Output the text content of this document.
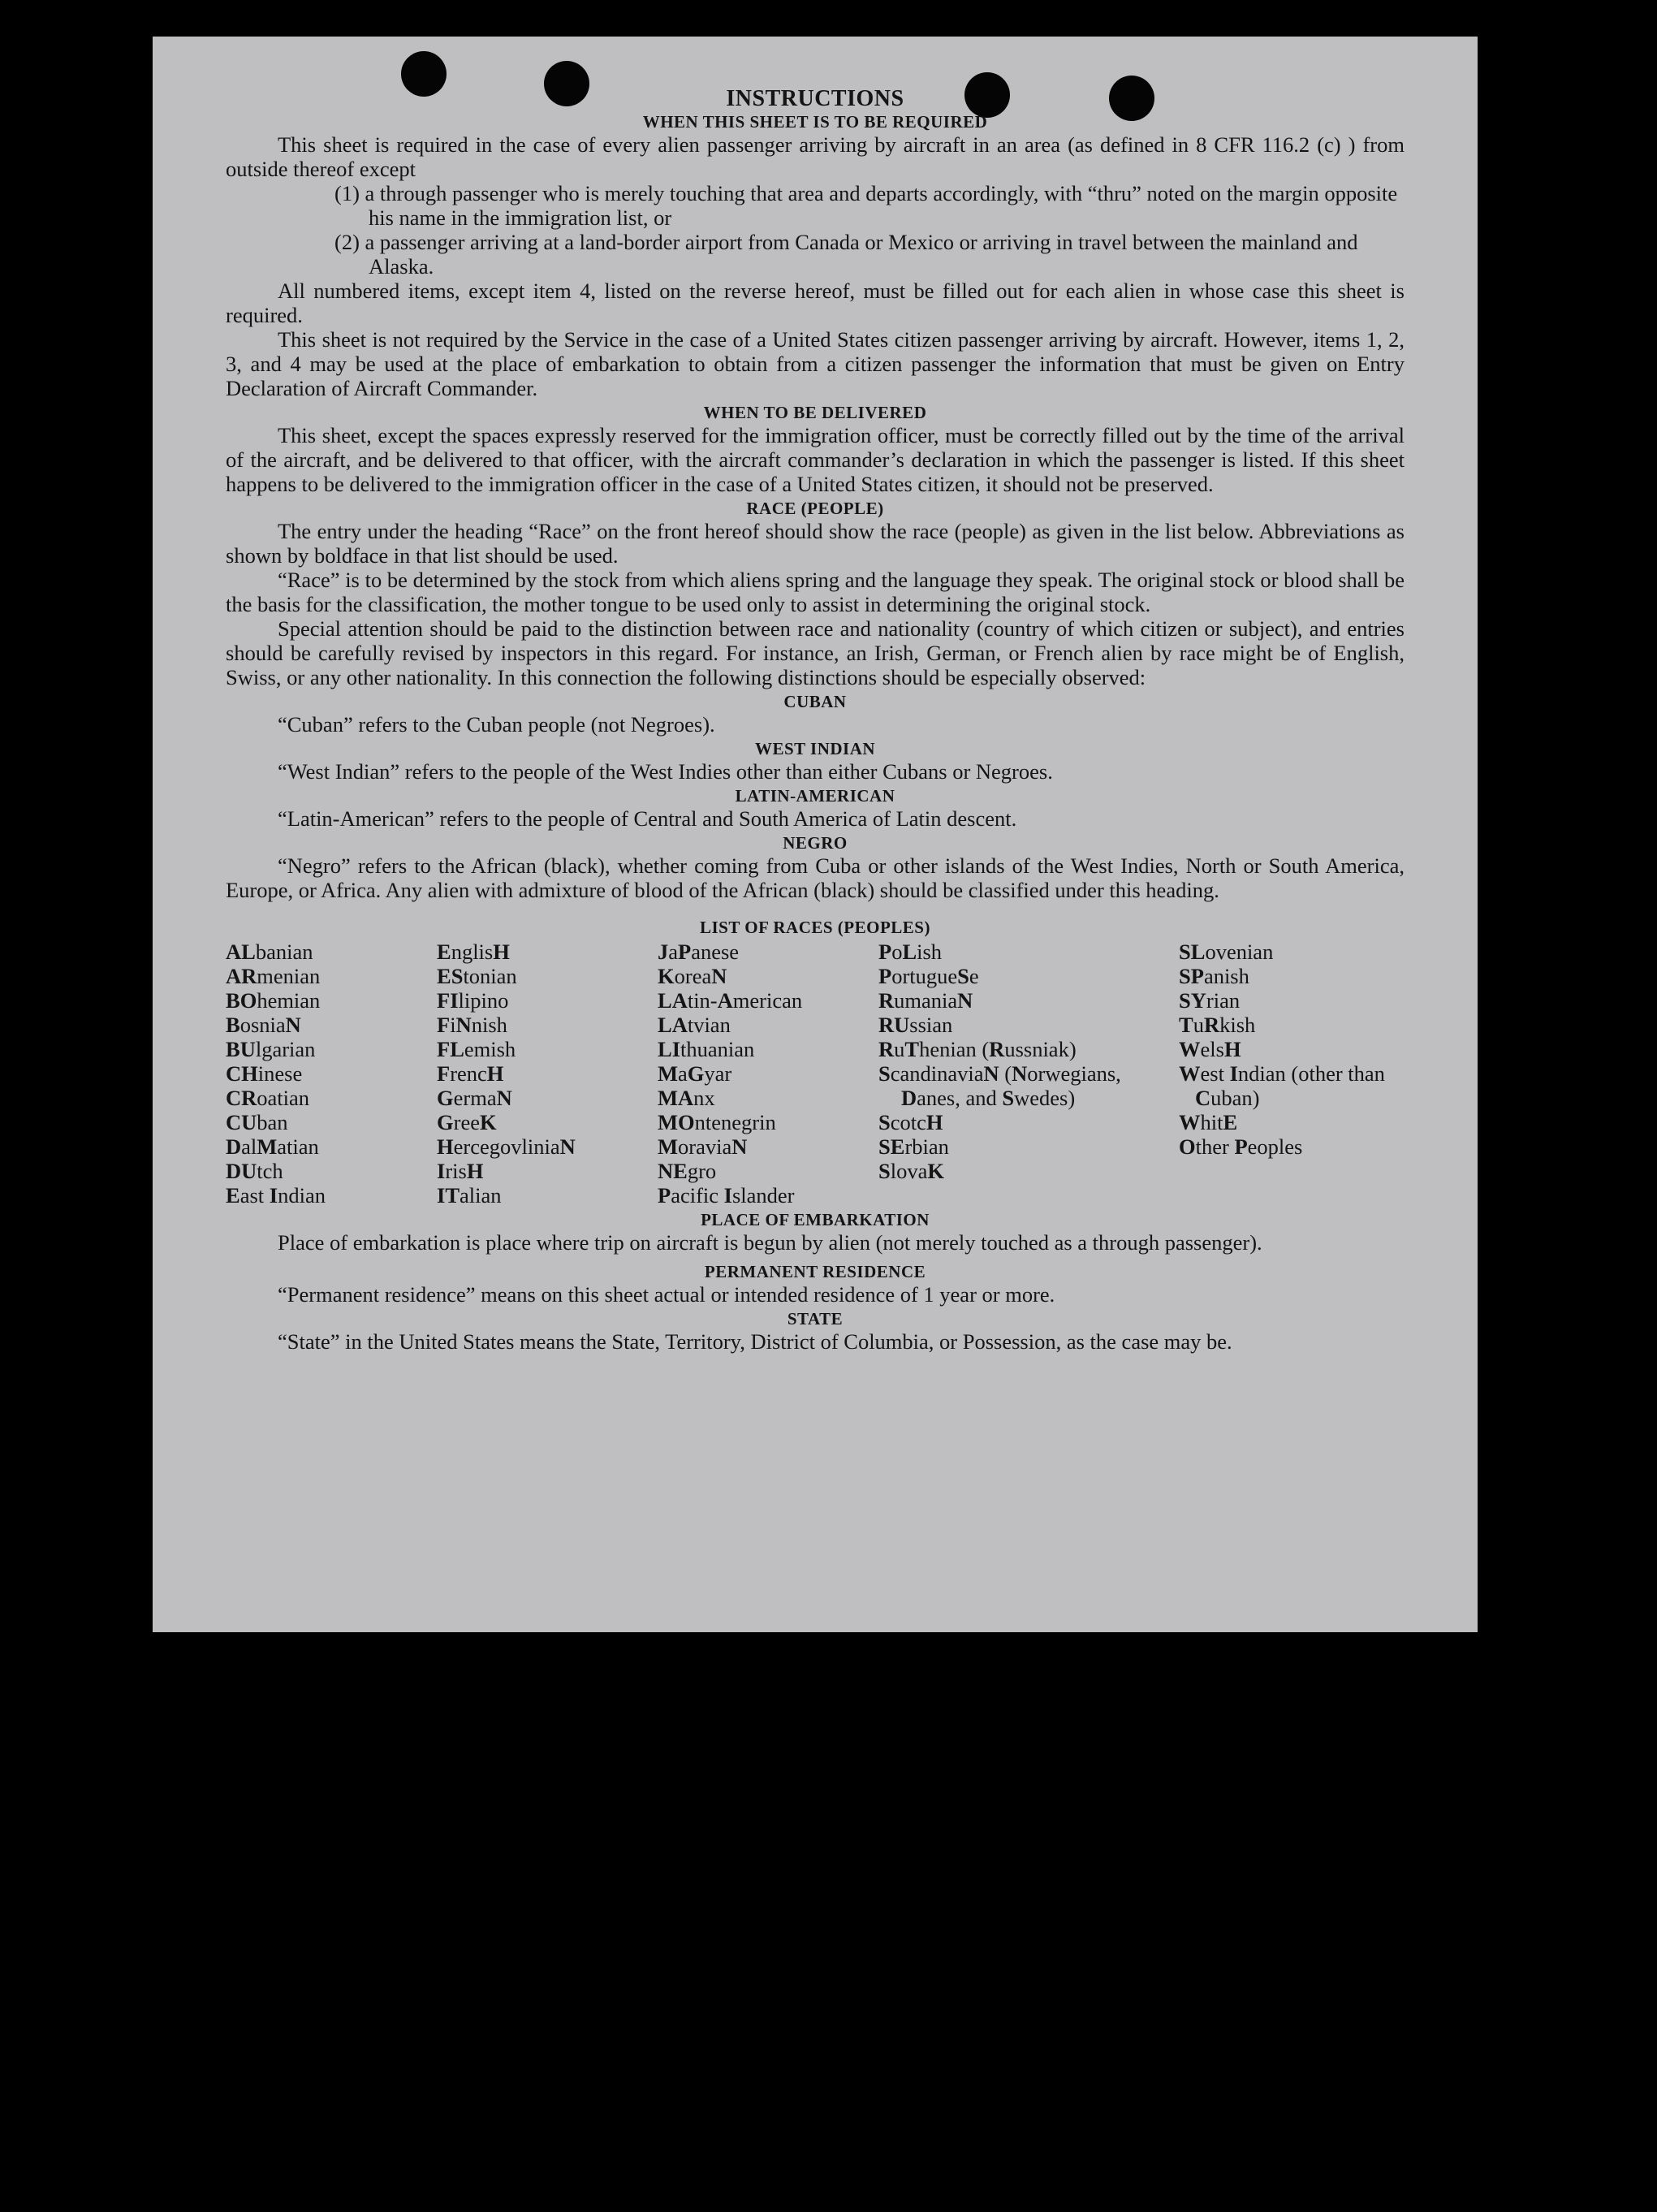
INSTRUCTIONS
WHEN THIS SHEET IS TO BE REQUIRED

This sheet is required in the case of every alien passenger arriving by aircraft in an area (as defined in 8 CFR 116.2 (c) ) from outside thereof except

(1) a through passenger who is merely touching that area and departs accordingly, with “thru” noted on the margin opposite his name in the immigration list, or
(2) a passenger arriving at a land-border airport from Canada or Mexico or arriving in travel between the mainland and Alaska.

All numbered items, except item 4, listed on the reverse hereof, must be filled out for each alien in whose case this sheet is required.

This sheet is not required by the Service in the case of a United States citizen passenger arriving by aircraft. However, items 1, 2, 3, and 4 may be used at the place of embarkation to obtain from a citizen passenger the information that must be given on Entry Declaration of Aircraft Commander.

WHEN TO BE DELIVERED

This sheet, except the spaces expressly reserved for the immigration officer, must be correctly filled out by the time of the arrival of the aircraft, and be delivered to that officer, with the aircraft commander’s declaration in which the passenger is listed. If this sheet happens to be delivered to the immigration officer in the case of a United States citizen, it should not be preserved.

RACE (PEOPLE)

The entry under the heading “Race” on the front hereof should show the race (people) as given in the list below. Abbreviations as shown by boldface in that list should be used.

“Race” is to be determined by the stock from which aliens spring and the language they speak. The original stock or blood shall be the basis for the classification, the mother tongue to be used only to assist in determining the original stock.

Special attention should be paid to the distinction between race and nationality (country of which citizen or subject), and entries should be carefully revised by inspectors in this regard. For instance, an Irish, German, or French alien by race might be of English, Swiss, or any other nationality. In this connection the following distinctions should be especially observed:

CUBAN

“Cuban” refers to the Cuban people (not Negroes).

WEST INDIAN

“West Indian” refers to the people of the West Indies other than either Cubans or Negroes.

LATIN-AMERICAN

“Latin-American” refers to the people of Central and South America of Latin descent.

NEGRO

“Negro” refers to the African (black), whether coming from Cuba or other islands of the West Indies, North or South America, Europe, or Africa. Any alien with admixture of blood of the African (black) should be classified under this heading.

LIST OF RACES (PEOPLES)
ALbanian
ARmenian
BOhemian
BosniaN
BUlgarian
CHinese
CRoatian
CUban
DalMatian
DUtch
East Indian
EnglisH
EStonian
FIlipino
FiNnish
FLemish
FrencH
GermaN
GreeK
HercegovliniaN
IrisH
ITalian
JaPanese
KoreaN
LAtin-American
LAtvian
LIthuanian
MaGyar
MAnx
MOntenegrin
MoraviaN
NEgro
Pacific Islander
PoLish
PortugueSe
RumaniaN
RUssian
RuThenian (Russniak)
ScandinaviaN (Norwegians, Danes, and Swedes)
ScotcH
SErbian
SlovaK
SLovenian
SPanish
SYrian
TuRkish
WelsH
West Indian (other than Cuban)
WhitE
Other Peoples
PLACE OF EMBARKATION

Place of embarkation is place where trip on aircraft is begun by alien (not merely touched as a through passenger).

PERMANENT RESIDENCE

“Permanent residence” means on this sheet actual or intended residence of 1 year or more.

STATE

“State” in the United States means the State, Territory, District of Columbia, or Possession, as the case may be.
